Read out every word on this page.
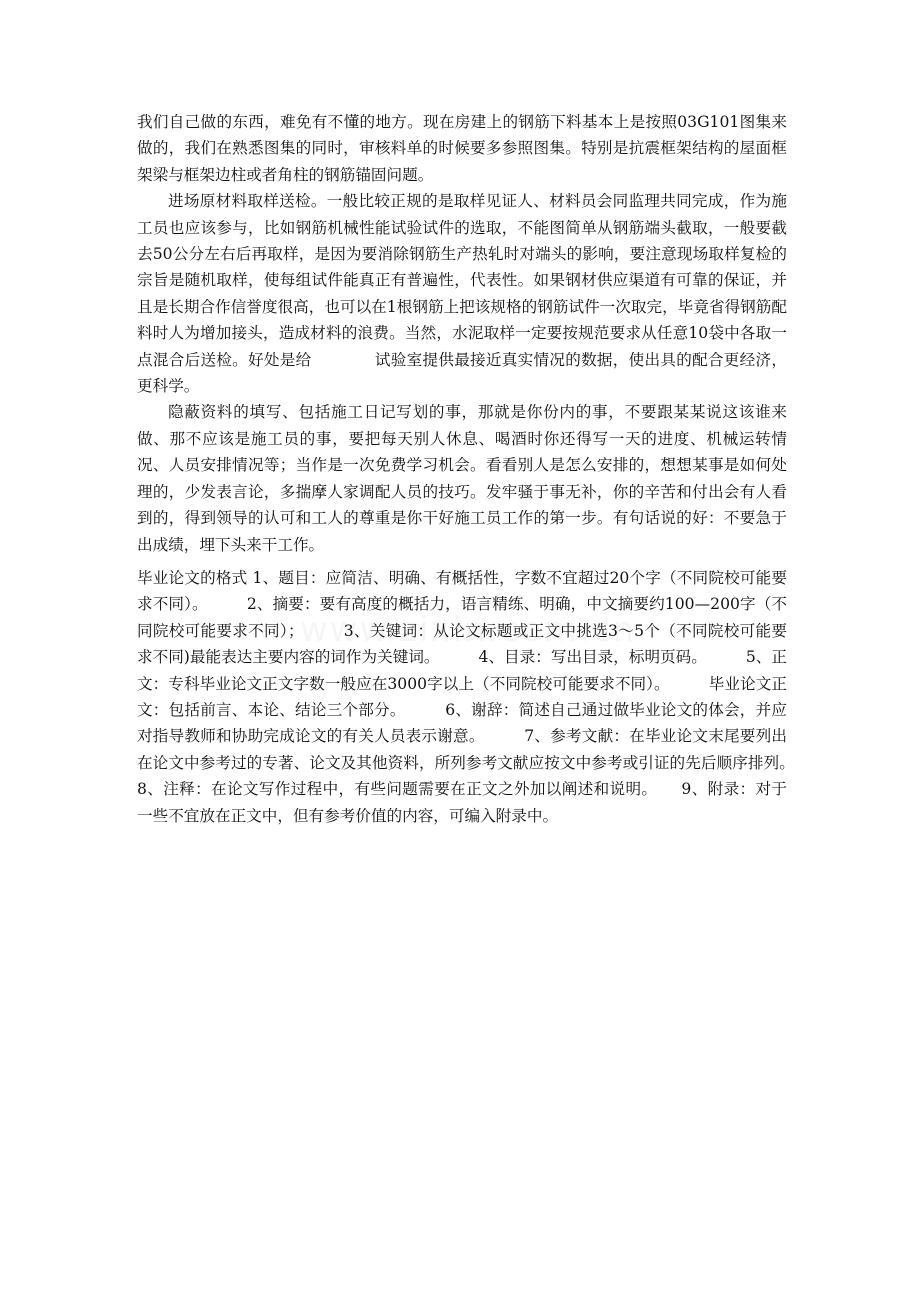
我们自己做的东西，难免有不懂的地方。现在房建上的钢筋下料基本上是按照03G101图集来做的，我们在熟悉图集的同时，审核料单的时候要多参照图集。特别是抗震框架结构的屋面框架梁与框架边柱或者角柱的钢筋锚固问题。

进场原材料取样送检。一般比较正规的是取样见证人、材料员会同监理共同完成，作为施工员也应该参与，比如钢筋机械性能试验试件的选取，不能图简单从钢筋端头截取，一般要截去50公分左右后再取样，是因为要消除钢筋生产热轧时对端头的影响，要注意现场取样复检的宗旨是随机取样，使每组试件能真正有普遍性，代表性。如果钢材供应渠道有可靠的保证，并且是长期合作信誉度很高，也可以在1根钢筋上把该规格的钢筋试件一次取完，毕竟省得钢筋配料时人为增加接头，造成材料的浪费。当然，水泥取样一定要按规范要求从任意10袋中各取一点混合后送检。好处是给　　　　试验室提供最接近真实情况的数据，使出具的配合更经济，更科学。

隐蔽资料的填写、包括施工日记写划的事，那就是你份内的事，不要跟某某说这该谁来做、那不应该是施工员的事，要把每天别人休息、喝酒时你还得写一天的进度、机械运转情况、人员安排情况等；当作是一次免费学习机会。看看别人是怎么安排的，想想某事是如何处理的，少发表言论，多揣摩人家调配人员的技巧。发牢骚于事无补，你的辛苦和付出会有人看到的，得到领导的认可和工人的尊重是你干好施工员工作的第一步。有句话说的好：不要急于出成绩，埋下头来干工作。

毕业论文的格式 1、题目：应简洁、明确、有概括性，字数不宜超过20个字（不同院校可能要求不同）。　　　2、摘要：要有高度的概括力，语言精练、明确，中文摘要约100—200字（不同院校可能要求不同）；　　　3、关键词：从论文标题或正文中挑选3～5个（不同院校可能要求不同)最能表达主要内容的词作为关键词。　　　4、目录：写出目录，标明页码。　　　5、正文：专科毕业论文正文字数一般应在3000字以上（不同院校可能要求不同）。　　　毕业论文正文：包括前言、本论、结论三个部分。　　　6、谢辞：简述自己通过做毕业论文的体会，并应对指导教师和协助完成论文的有关人员表示谢意。　　　7、参考文献：在毕业论文末尾要列出在论文中参考过的专著、论文及其他资料，所列参考文献应按文中参考或引证的先后顺序排列。　　　8、注释：在论文写作过程中，有些问题需要在正文之外加以阐述和说明。　　9、附录：对于一些不宜放在正文中，但有参考价值的内容，可编入附录中。
